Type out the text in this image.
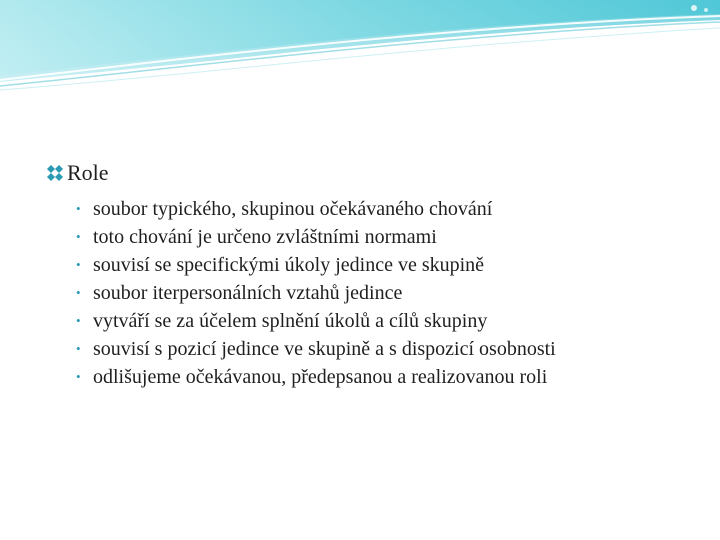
Role
• soubor typického, skupinou očekávaného chování
• toto chování je určeno zvláštními normami
• souvisí se specifickými úkoly jedince ve skupině
• soubor iterpersonálních vztahů jedince
• vytváří se za účelem splnění úkolů a cílů skupiny
• souvisí s pozicí jedince ve skupině a s dispozicí osobnosti
• odlišujeme očekávanou, předepsanou a realizovanou roli
